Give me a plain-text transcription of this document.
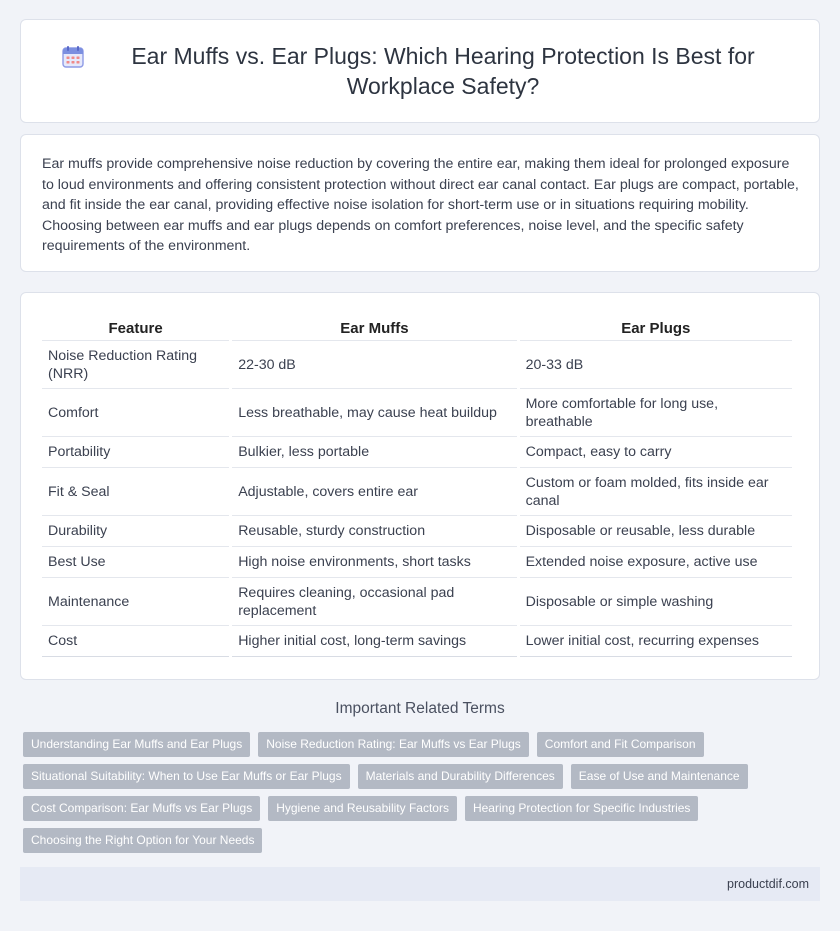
Ear Muffs vs. Ear Plugs: Which Hearing Protection Is Best for Workplace Safety?

Ear muffs provide comprehensive noise reduction by covering the entire ear, making them ideal for prolonged exposure to loud environments and offering consistent protection without direct ear canal contact. Ear plugs are compact, portable, and fit inside the ear canal, providing effective noise isolation for short-term use or in situations requiring mobility. Choosing between ear muffs and ear plugs depends on comfort preferences, noise level, and the specific safety requirements of the environment.

Feature	Ear Muffs	Ear Plugs
Noise Reduction Rating (NRR)	22-30 dB	20-33 dB
Comfort	Less breathable, may cause heat buildup	More comfortable for long use, breathable
Portability	Bulkier, less portable	Compact, easy to carry
Fit & Seal	Adjustable, covers entire ear	Custom or foam molded, fits inside ear canal
Durability	Reusable, sturdy construction	Disposable or reusable, less durable
Best Use	High noise environments, short tasks	Extended noise exposure, active use
Maintenance	Requires cleaning, occasional pad replacement	Disposable or simple washing
Cost	Higher initial cost, long-term savings	Lower initial cost, recurring expenses
Important Related Terms
Understanding Ear Muffs and Ear Plugs	Noise Reduction Rating: Ear Muffs vs Ear Plugs	Comfort and Fit Comparison
Situational Suitability: When to Use Ear Muffs or Ear Plugs	Materials and Durability Differences	Ease of Use and Maintenance
Cost Comparison: Ear Muffs vs Ear Plugs	Hygiene and Reusability Factors	Hearing Protection for Specific Industries
Choosing the Right Option for Your Needs
productdif.com
